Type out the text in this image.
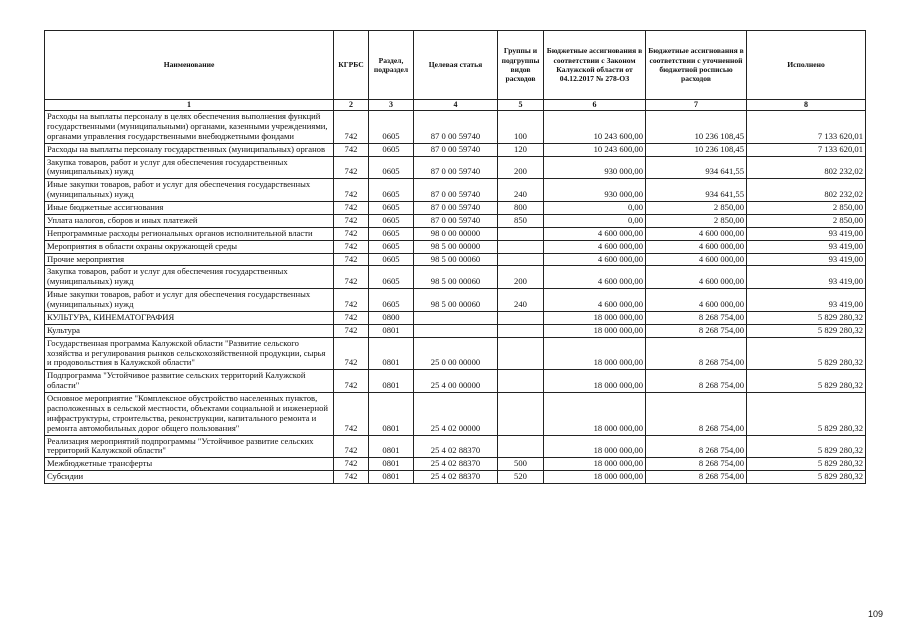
Наименование	КГРБС	Раздел, подраздел	Целевая статья	Группы и подгруппы видов расходов	Бюджетные ассигнования в соответствии с Законом Калужской области от 04.12.2017 № 278-ОЗ	Бюджетные ассигнования в соответствии с уточненной бюджетной росписью расходов	Исполнено
1	2	3	4	5	6	7	8
Расходы на выплаты персоналу в целях обеспечения выполнения функций государственными (муниципальными) органами, казенными учреждениями, органами управления государственными внебюджетными фондами	742	0605	87 0 00 59740	100	10 243 600,00	10 236 108,45	7 133 620,01
Расходы на выплаты персоналу государственных (муниципальных) органов	742	0605	87 0 00 59740	120	10 243 600,00	10 236 108,45	7 133 620,01
Закупка товаров, работ и услуг для обеспечения государственных (муниципальных) нужд	742	0605	87 0 00 59740	200	930 000,00	934 641,55	802 232,02
Иные закупки товаров, работ и услуг для обеспечения государственных (муниципальных) нужд	742	0605	87 0 00 59740	240	930 000,00	934 641,55	802 232,02
Иные бюджетные ассигнования	742	0605	87 0 00 59740	800	0,00	2 850,00	2 850,00
Уплата налогов, сборов и иных платежей	742	0605	87 0 00 59740	850	0,00	2 850,00	2 850,00
Непрограммные расходы региональных органов исполнительной власти	742	0605	98 0 00 00000		4 600 000,00	4 600 000,00	93 419,00
Мероприятия в области охраны окружающей среды	742	0605	98 5 00 00000		4 600 000,00	4 600 000,00	93 419,00
Прочие мероприятия	742	0605	98 5 00 00060		4 600 000,00	4 600 000,00	93 419,00
Закупка товаров, работ и услуг для обеспечения государственных (муниципальных) нужд	742	0605	98 5 00 00060	200	4 600 000,00	4 600 000,00	93 419,00
Иные закупки товаров, работ и услуг для обеспечения государственных (муниципальных) нужд	742	0605	98 5 00 00060	240	4 600 000,00	4 600 000,00	93 419,00
КУЛЬТУРА, КИНЕМАТОГРАФИЯ	742	0800			18 000 000,00	8 268 754,00	5 829 280,32
Культура	742	0801			18 000 000,00	8 268 754,00	5 829 280,32
Государственная программа Калужской области "Развитие сельского хозяйства и регулирования рынков сельскохозяйственной продукции, сырья и продовольствия в Калужской области"	742	0801	25 0 00 00000		18 000 000,00	8 268 754,00	5 829 280,32
Подпрограмма "Устойчивое развитие сельских территорий Калужской области"	742	0801	25 4 00 00000		18 000 000,00	8 268 754,00	5 829 280,32
Основное мероприятие "Комплексное обустройство населенных пунктов, расположенных в сельской местности, объектами социальной и инженерной инфраструктуры, строительства, реконструкции, капитального ремонта и ремонта автомобильных дорог общего пользования"	742	0801	25 4 02 00000		18 000 000,00	8 268 754,00	5 829 280,32
Реализация мероприятий подпрограммы "Устойчивое развитие сельских территорий Калужской области"	742	0801	25 4 02 88370		18 000 000,00	8 268 754,00	5 829 280,32
Межбюджетные трансферты	742	0801	25 4 02 88370	500	18 000 000,00	8 268 754,00	5 829 280,32
Субсидии	742	0801	25 4 02 88370	520	18 000 000,00	8 268 754,00	5 829 280,32
109
